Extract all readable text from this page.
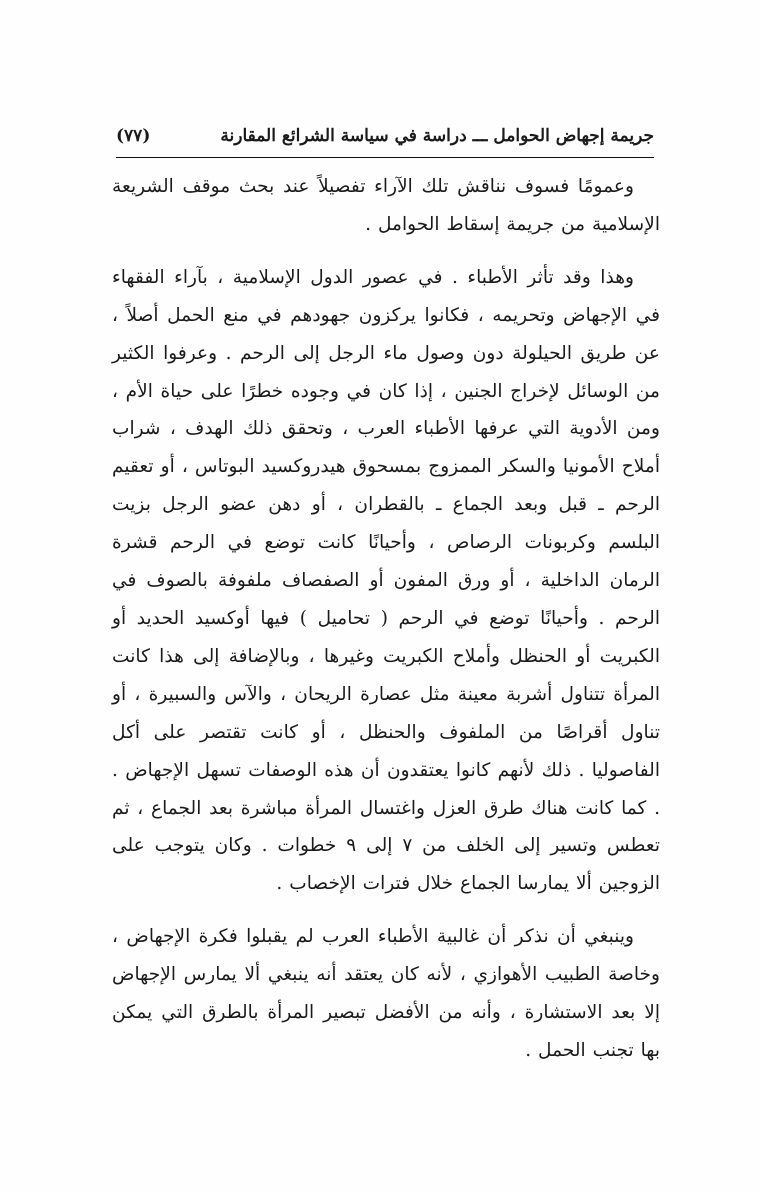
جريمة إجهاض الحوامل ـــ دراسة في سياسة الشرائع المقارنة
(٧٧)

وعمومًا فسوف نناقش تلك الآراء تفصيلاً عند بحث موقف الشريعة الإسلامية من جريمة إسقاط الحوامل .

وهذا وقد تأثر الأطباء . في عصور الدول الإسلامية ، بآراء الفقهاء في الإجهاض وتحريمه ، فكانوا يركزون جهودهم في منع الحمل أصلاً ، عن طريق الحيلولة دون وصول ماء الرجل إلى الرحم . وعرفوا الكثير من الوسائل لإخراج الجنين ، إذا كان في وجوده خطرًا على حياة الأم ، ومن الأدوية التي عرفها الأطباء العرب ، وتحقق ذلك الهدف ، شراب أملاح الأمونيا والسكر الممزوج بمسحوق هيدروكسيد البوتاس ، أو تعقيم الرحم ـ قبل وبعد الجماع ـ بالقطران ، أو دهن عضو الرجل بزيت البلسم وكربونات الرصاص ، وأحيانًا كانت توضع في الرحم قشرة الرمان الداخلية ، أو ورق المفون أو الصفصاف ملفوفة بالصوف في الرحم . وأحيانًا توضع في الرحم ( تحاميل ) فيها أوكسيد الحديد أو الكبريت أو الحنظل وأملاح الكبريت وغيرها ، وبالإضافة إلى هذا كانت المرأة تتناول أشربة معينة مثل عصارة الريحان ، والآس والسبيرة ، أو تناول أقراصًا من الملفوف والحنظل ، أو كانت تقتصر على أكل الفاصوليا . ذلك لأنهم كانوا يعتقدون أن هذه الوصفات تسهل الإجهاض . . كما كانت هناك طرق العزل واغتسال المرأة مباشرة بعد الجماع ، ثم تعطس وتسير إلى الخلف من ٧ إلى ٩ خطوات . وكان يتوجب على الزوجين ألا يمارسا الجماع خلال فترات الإخصاب .

وينبغي أن نذكر أن غالبية الأطباء العرب لم يقبلوا فكرة الإجهاض ، وخاصة الطبيب الأهوازي ، لأنه كان يعتقد أنه ينبغي ألا يمارس الإجهاض إلا بعد الاستشارة ، وأنه من الأفضل تبصير المرأة بالطرق التي يمكن بها تجنب الحمل .
